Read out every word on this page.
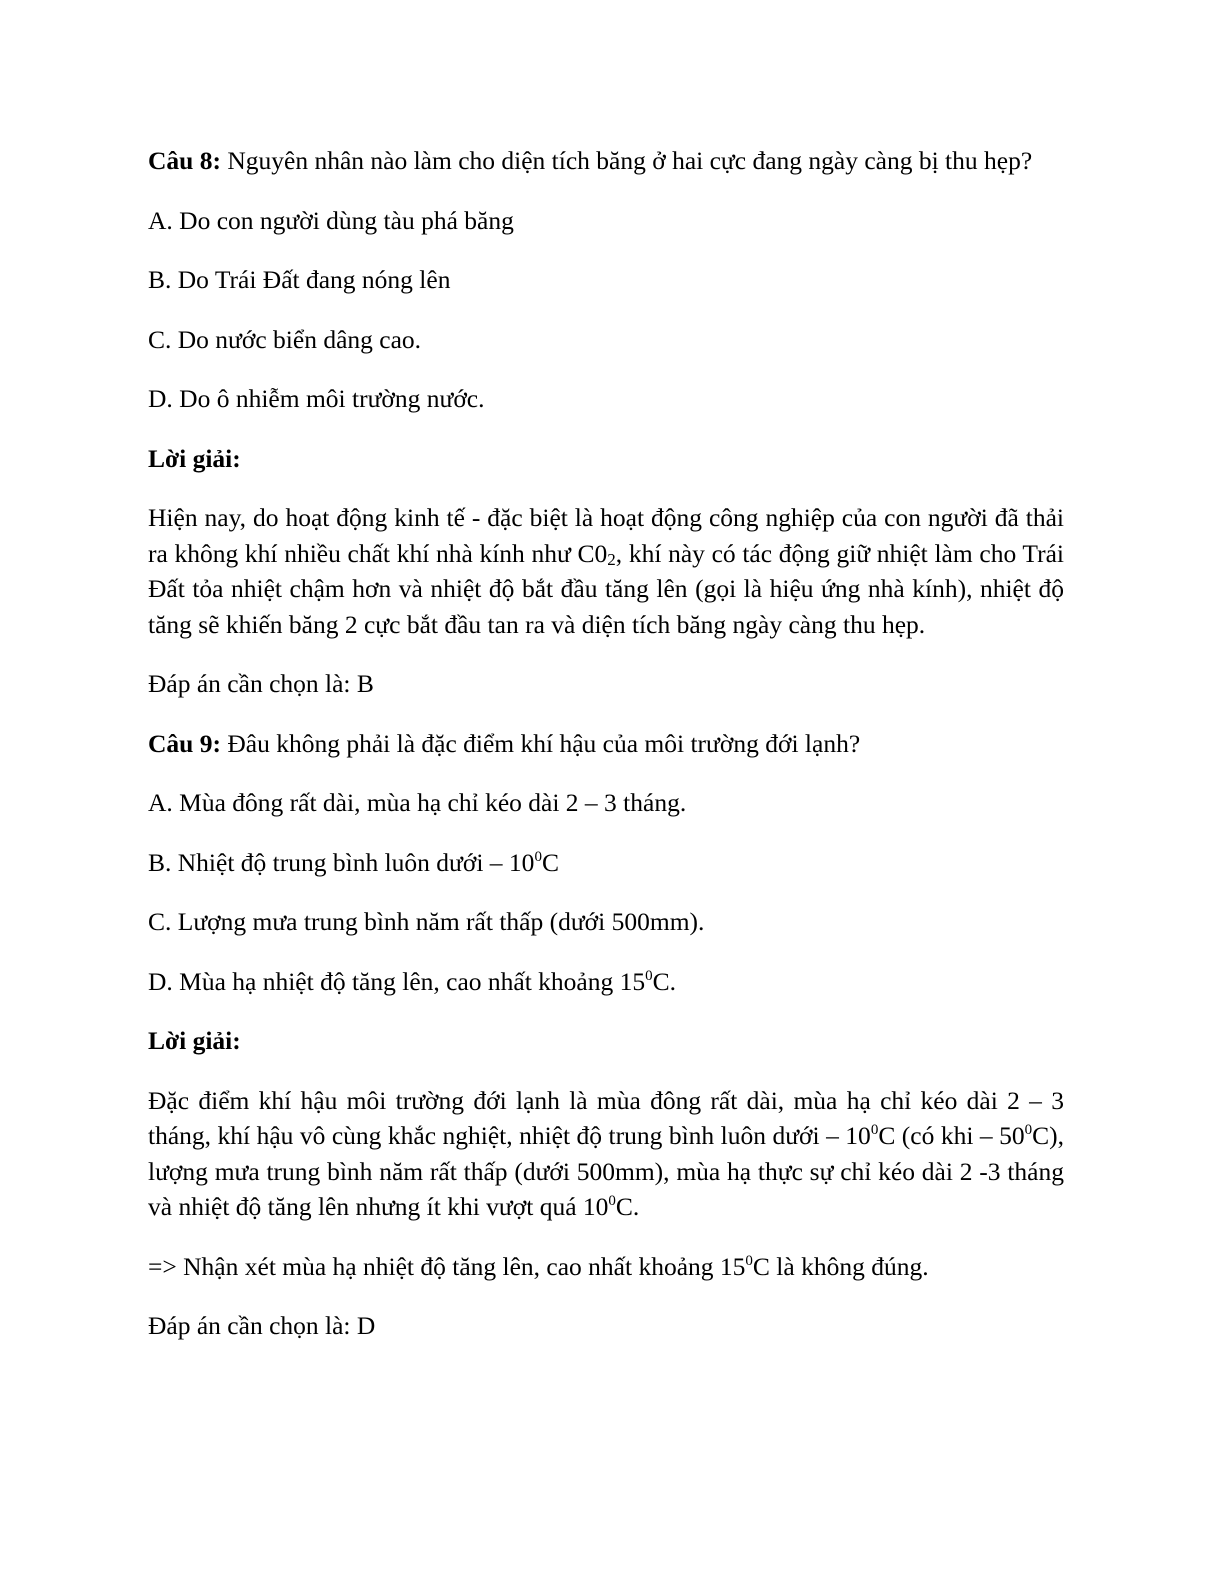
Câu 8: Nguyên nhân nào làm cho diện tích băng ở hai cực đang ngày càng bị thu hẹp?

A. Do con người dùng tàu phá băng

B. Do Trái Đất đang nóng lên

C. Do nước biển dâng cao.

D. Do ô nhiễm môi trường nước.

Lời giải:

Hiện nay, do hoạt động kinh tế - đặc biệt là hoạt động công nghiệp của con người đã thải ra không khí nhiều chất khí nhà kính như $C0_2$, khí này có tác động giữ nhiệt làm cho Trái Đất tỏa nhiệt chậm hơn và nhiệt độ bắt đầu tăng lên (gọi là hiệu ứng nhà kính), nhiệt độ tăng sẽ khiến băng 2 cực bắt đầu tan ra và diện tích băng ngày càng thu hẹp.

Đáp án cần chọn là: B

Câu 9: Đâu không phải là đặc điểm khí hậu của môi trường đới lạnh?

A. Mùa đông rất dài, mùa hạ chỉ kéo dài 2 – 3 tháng.

B. Nhiệt độ trung bình luôn dưới – $10^0C$

C. Lượng mưa trung bình năm rất thấp (dưới 500mm).

D. Mùa hạ nhiệt độ tăng lên, cao nhất khoảng $15^0C$.

Lời giải:

Đặc điểm khí hậu môi trường đới lạnh là mùa đông rất dài, mùa hạ chỉ kéo dài 2 – 3 tháng, khí hậu vô cùng khắc nghiệt, nhiệt độ trung bình luôn dưới – $10^0C$ (có khi – $50^0C$), lượng mưa trung bình năm rất thấp (dưới 500mm), mùa hạ thực sự chỉ kéo dài 2 -3 tháng và nhiệt độ tăng lên nhưng ít khi vượt quá $10^0C$.

=> Nhận xét mùa hạ nhiệt độ tăng lên, cao nhất khoảng $15^0C$ là không đúng.

Đáp án cần chọn là: D
